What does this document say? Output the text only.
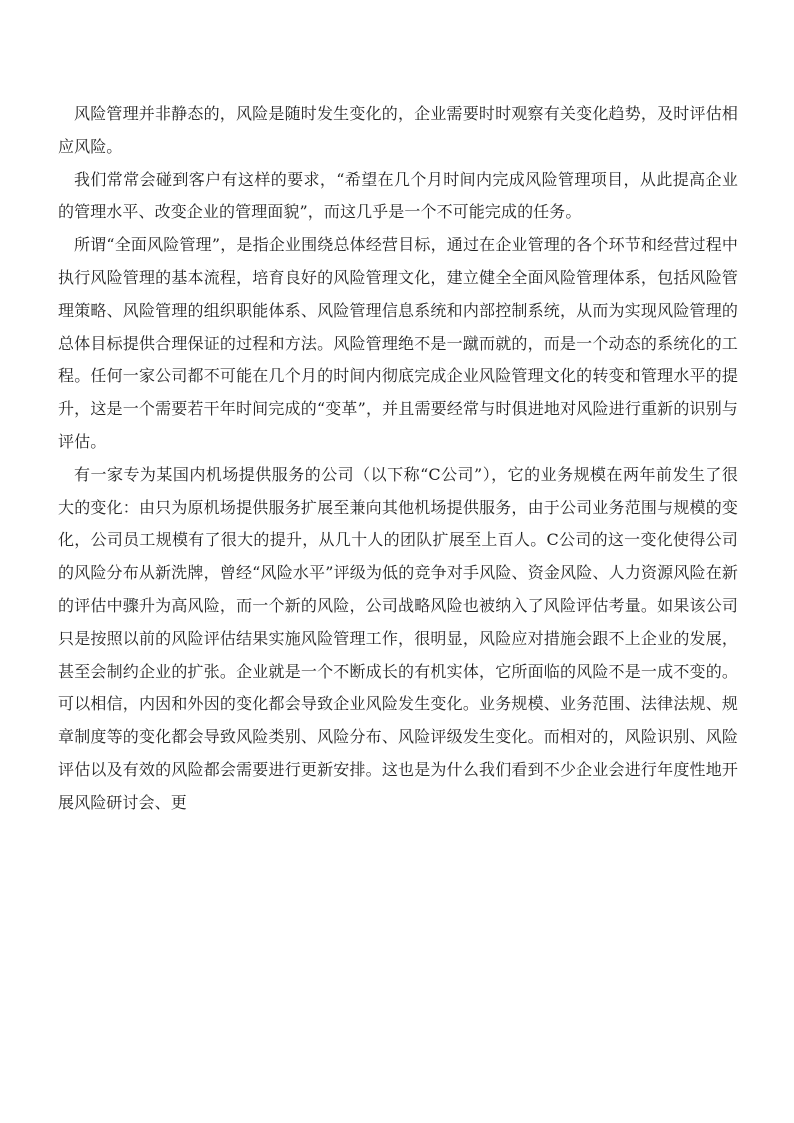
风险管理并非静态的，风险是随时发生变化的，企业需要时时观察有关变化趋势，及时评估相应风险。

我们常常会碰到客户有这样的要求，“希望在几个月时间内完成风险管理项目，从此提高企业的管理水平、改变企业的管理面貌”，而这几乎是一个不可能完成的任务。

所谓“全面风险管理”，是指企业围绕总体经营目标，通过在企业管理的各个环节和经营过程中执行风险管理的基本流程，培育良好的风险管理文化，建立健全全面风险管理体系，包括风险管理策略、风险管理的组织职能体系、风险管理信息系统和内部控制系统，从而为实现风险管理的总体目标提供合理保证的过程和方法。风险管理绝不是一蹴而就的，而是一个动态的系统化的工程。任何一家公司都不可能在几个月的时间内彻底完成企业风险管理文化的转变和管理水平的提升，这是一个需要若干年时间完成的“变革”，并且需要经常与时俱进地对风险进行重新的识别与评估。

有一家专为某国内机场提供服务的公司（以下称“C公司”），它的业务规模在两年前发生了很大的变化：由只为原机场提供服务扩展至兼向其他机场提供服务，由于公司业务范围与规模的变化，公司员工规模有了很大的提升，从几十人的团队扩展至上百人。C公司的这一变化使得公司的风险分布从新洗牌，曾经“风险水平”评级为低的竞争对手风险、资金风险、人力资源风险在新的评估中骤升为高风险，而一个新的风险，公司战略风险也被纳入了风险评估考量。如果该公司只是按照以前的风险评估结果实施风险管理工作，很明显，风险应对措施会跟不上企业的发展，甚至会制约企业的扩张。企业就是一个不断成长的有机实体，它所面临的风险不是一成不变的。可以相信，内因和外因的变化都会导致企业风险发生变化。业务规模、业务范围、法律法规、规章制度等的变化都会导致风险类别、风险分布、风险评级发生变化。而相对的，风险识别、风险评估以及有效的风险都会需要进行更新安排。这也是为什么我们看到不少企业会进行年度性地开展风险研讨会、更
